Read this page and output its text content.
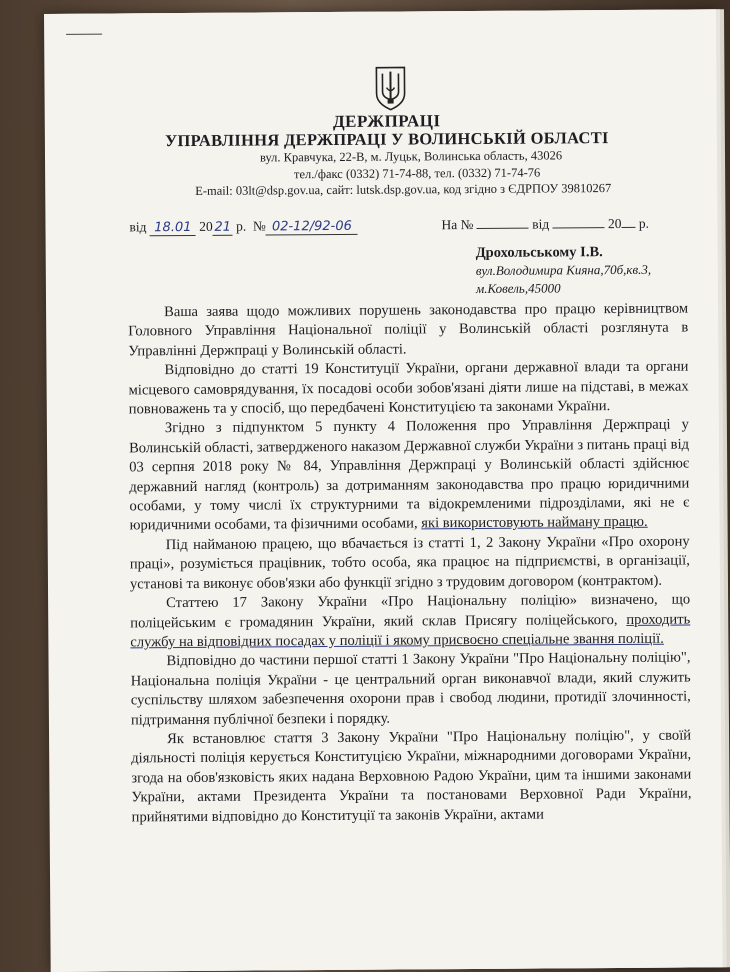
ДЕРЖПРАЦІ
УПРАВЛІННЯ ДЕРЖПРАЦІ У ВОЛИНСЬКІЙ ОБЛАСТІ
вул. Кравчука, 22-В, м. Луцьк, Волинська область, 43026
тел./факс (0332) 71-74-88, тел. (0332) 71-74-76
E-mail: 03lt@dsp.gov.ua, сайт: lutsk.dsp.gov.ua, код згідно з ЄДРПОУ 39810267
від 18.01 20 21 р. № 02-12/92-06	На №	від	20 р.
Дрохольському І.В.
вул.Володимира Кияна,70б,кв.3,
м.Ковель,45000

Ваша заява щодо можливих порушень законодавства про працю керівництвом Головного Управління Національної поліції у Волинській області розглянута в Управлінні Держпраці у Волинській області.

Відповідно до статті 19 Конституції України, органи державної влади та органи місцевого самоврядування, їх посадові особи зобов'язані діяти лише на підставі, в межах повноважень та у спосіб, що передбачені Конституцією та законами України.

Згідно з підпунктом 5 пункту 4 Положення про Управління Держпраці у Волинській області, затвердженого наказом Державної служби України з питань праці від 03 серпня 2018 року № 84, Управління Держпраці у Волинській області здійснює державний нагляд (контроль) за дотриманням законодавства про працю юридичними особами, у тому числі їх структурними та відокремленими підрозділами, які не є юридичними особами, та фізичними особами, які використовують найману працю.

Під найманою працею, що вбачається із статті 1, 2 Закону України «Про охорону праці», розуміється працівник, тобто особа, яка працює на підприємстві, в організації, установі та виконує обов'язки або функції згідно з трудовим договором (контрактом).

Статтею 17 Закону України «Про Національну поліцію» визначено, що поліцейським є громадянин України, який склав Присягу поліцейського, проходить службу на відповідних посадах у поліції і якому присвоєно спеціальне звання поліції.

Відповідно до частини першої статті 1 Закону України "Про Національну поліцію", Національна поліція України - це центральний орган виконавчої влади, який служить суспільству шляхом забезпечення охорони прав і свобод людини, протидії злочинності, підтримання публічної безпеки і порядку.

Як встановлює стаття 3 Закону України "Про Національну поліцію", у своїй діяльності поліція керується Конституцією України, міжнародними договорами України, згода на обов'язковість яких надана Верховною Радою України, цим та іншими законами України, актами Президента України та постановами Верховної Ради України, прийнятими відповідно до Конституції та законів України, актами
